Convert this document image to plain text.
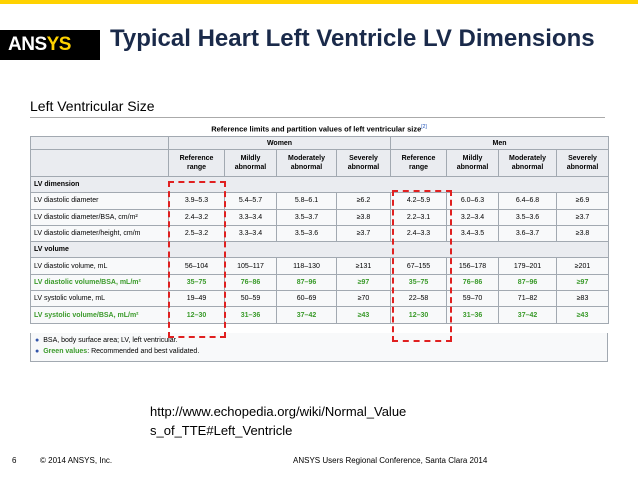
ANSYS Typical Heart Left Ventricle LV Dimensions
Left Ventricular Size
Reference limits and partition values of left ventricular size[2]
	Women				Men			
	Reference range	Mildly abnormal	Moderately abnormal	Severely abnormal	Reference range	Mildly abnormal	Moderately abnormal	Severely abnormal
LV dimension								
LV diastolic diameter	3.9–5.3	5.4–5.7	5.8–6.1	≥6.2	4.2–5.9	6.0–6.3	6.4–6.8	≥6.9
LV diastolic diameter/BSA, cm/m²	2.4–3.2	3.3–3.4	3.5–3.7	≥3.8	2.2–3.1	3.2–3.4	3.5–3.6	≥3.7
LV diastolic diameter/height, cm/m	2.5–3.2	3.3–3.4	3.5–3.6	≥3.7	2.4–3.3	3.4–3.5	3.6–3.7	≥3.8
LV volume								
LV diastolic volume, mL	56–104	105–117	118–130	≥131	67–155	156–178	179–201	≥201
LV diastolic volume/BSA, mL/m²	35–75	76–86	87–96	≥97	35–75	76–86	87–96	≥97
LV systolic volume, mL	19–49	50–59	60–69	≥70	22–58	59–70	71–82	≥83
LV systolic volume/BSA, mL/m²	12–30	31–36	37–42	≥43	12–30	31–36	37–42	≥43
● BSA, body surface area; LV, left ventricular.
● Green values: Recommended and best validated.
http://www.echopedia.org/wiki/Normal_Value
s_of_TTE#Left_Ventricle
6	© 2014 ANSYS, Inc.	ANSYS Users Regional Conference, Santa Clara 2014
